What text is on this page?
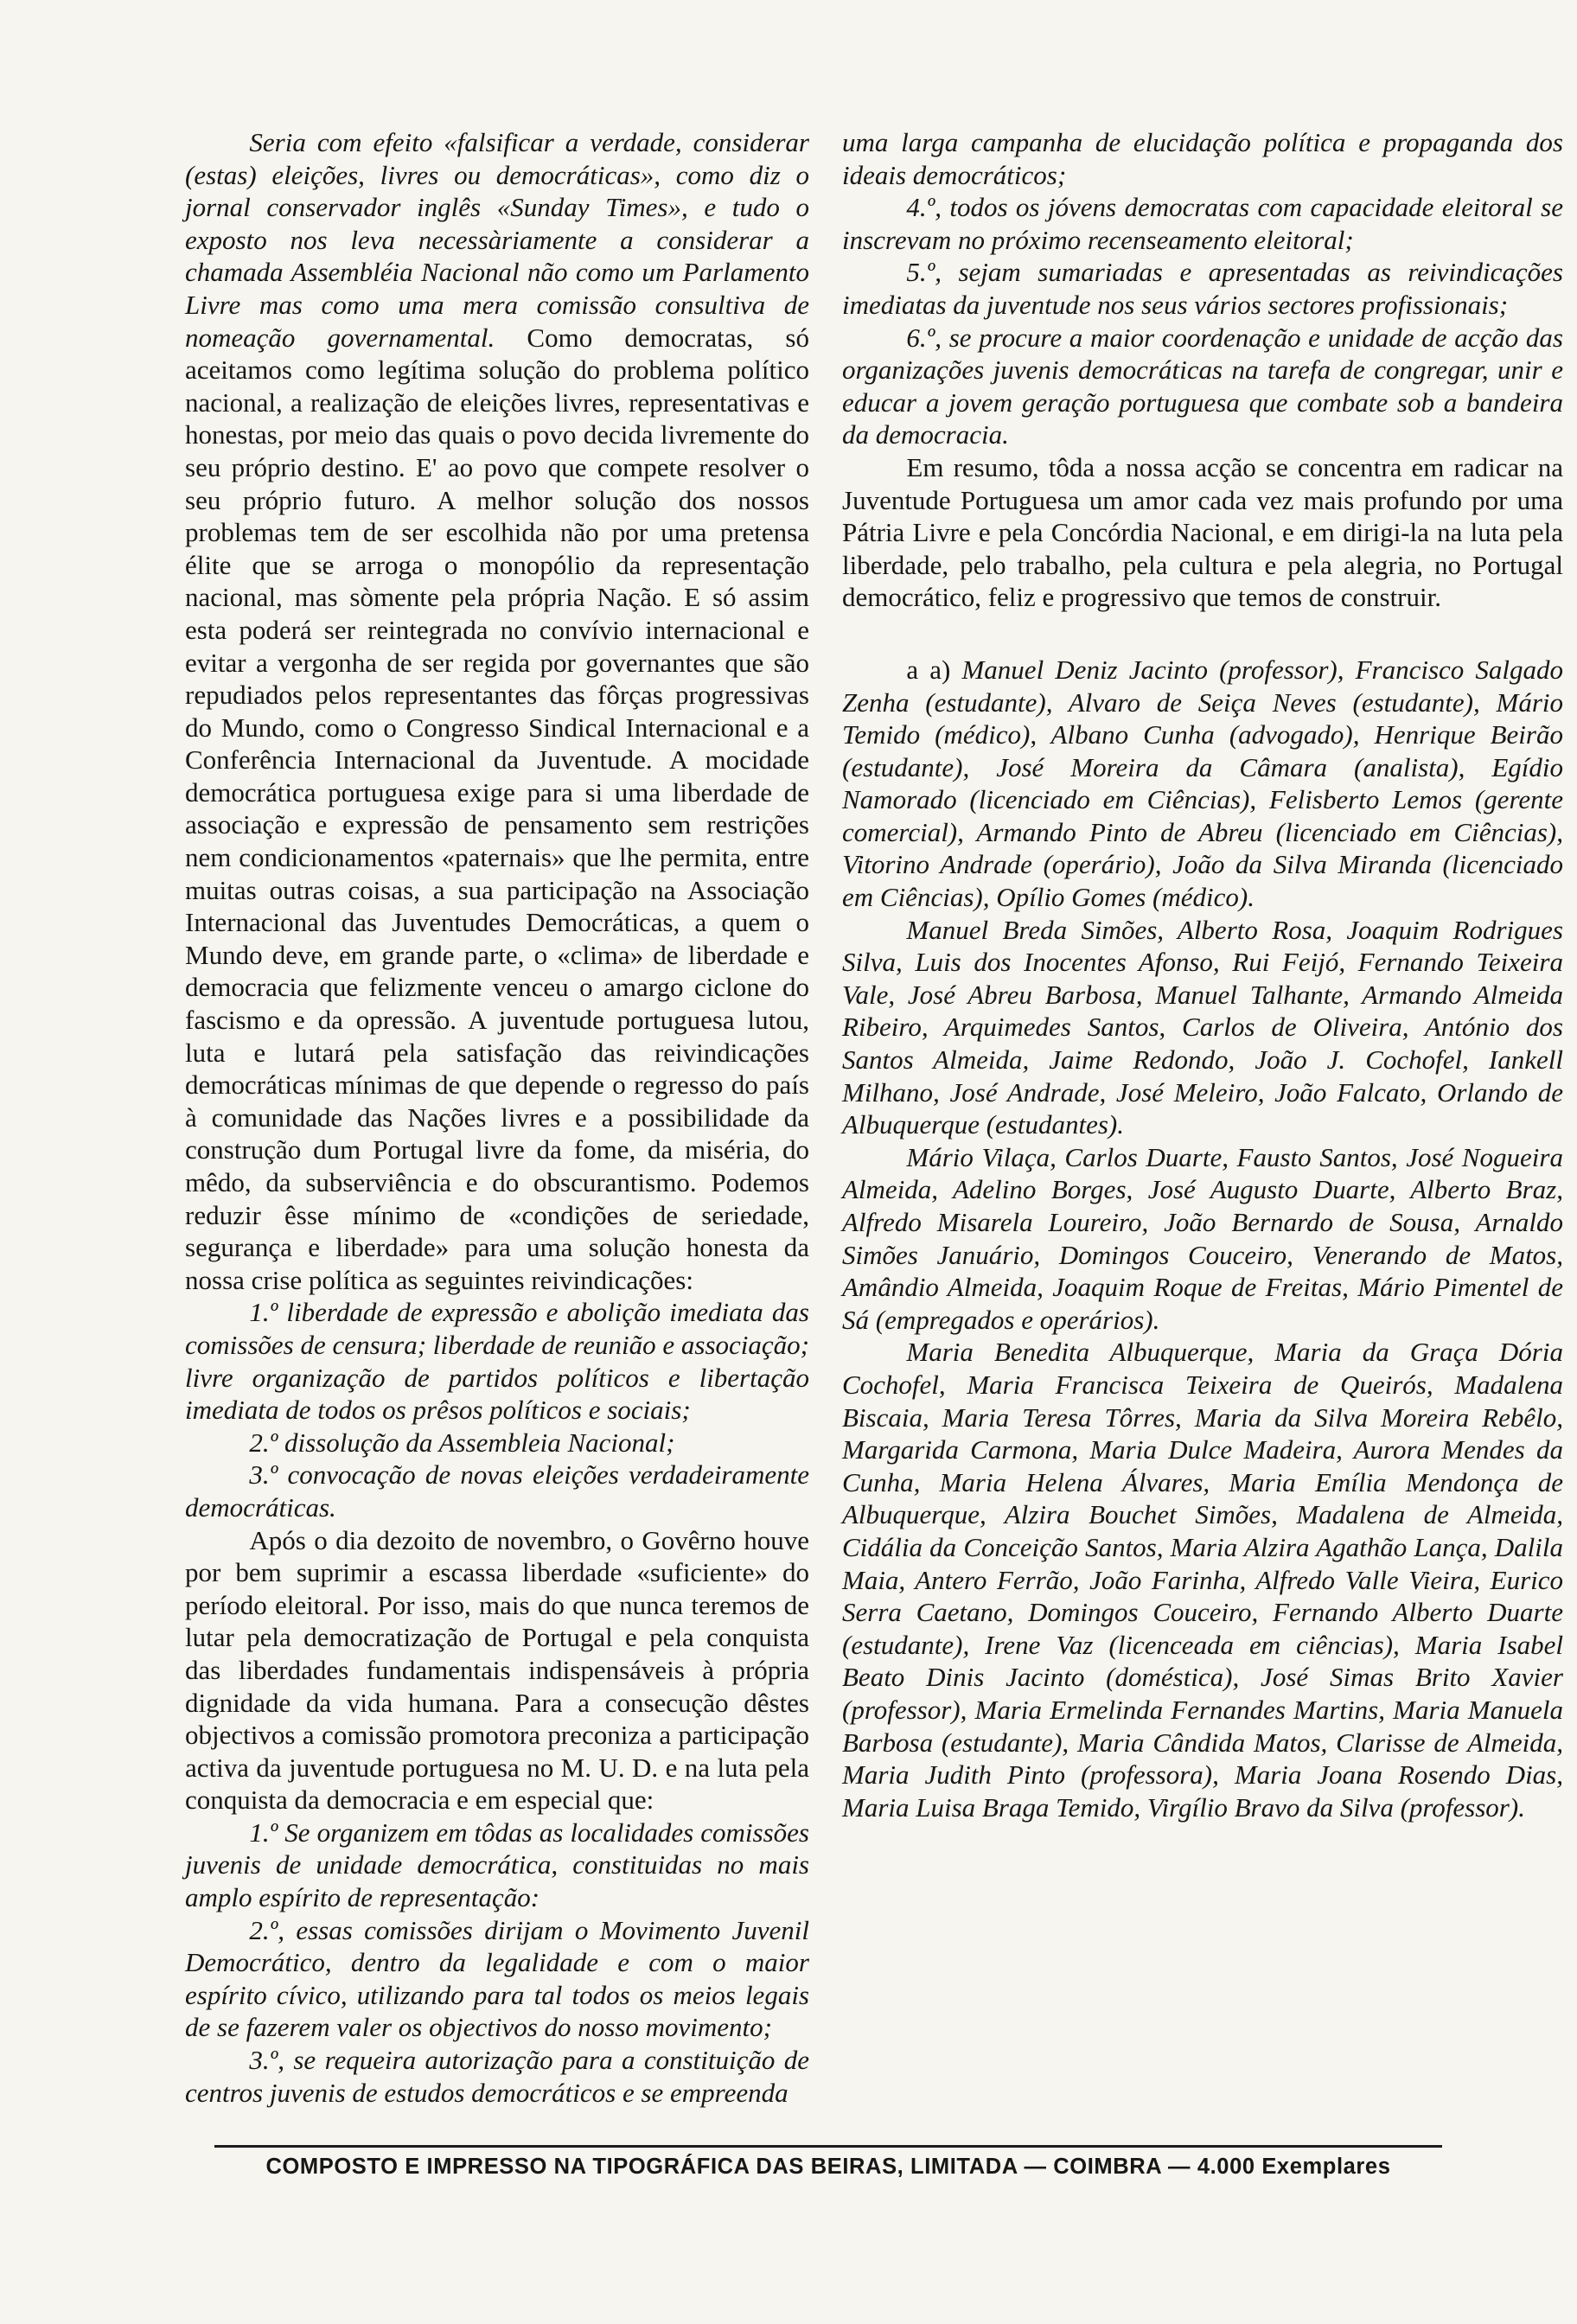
Seria com efeito «falsificar a verdade, considerar (estas) eleições, livres ou democráticas», como diz o jornal conservador inglês «Sunday Times», e tudo o exposto nos leva necessàriamente a considerar a chamada Assembléia Nacional não como um Parlamento Livre mas como uma mera comissão consultiva de nomeação governamental. Como democratas, só aceitamos como legítima solução do problema político nacional, a realização de eleições livres, representativas e honestas, por meio das quais o povo decida livremente do seu próprio destino. E' ao povo que compete resolver o seu próprio futuro. A melhor solução dos nossos problemas tem de ser escolhida não por uma pretensa élite que se arroga o monopólio da representação nacional, mas sòmente pela própria Nação. E só assim esta poderá ser reintegrada no convívio internacional e evitar a vergonha de ser regida por governantes que são repudiados pelos representantes das fôrças progressivas do Mundo, como o Congresso Sindical Internacional e a Conferência Internacional da Juventude. A mocidade democrática portuguesa exige para si uma liberdade de associação e expressão de pensamento sem restrições nem condicionamentos «paternais» que lhe permita, entre muitas outras coisas, a sua participação na Associação Internacional das Juventudes Democráticas, a quem o Mundo deve, em grande parte, o «clima» de liberdade e democracia que felizmente venceu o amargo ciclone do fascismo e da opressão. A juventude portuguesa lutou, luta e lutará pela satisfação das reivindicações democráticas mínimas de que depende o regresso do país à comunidade das Nações livres e a possibilidade da construção dum Portugal livre da fome, da miséria, do mêdo, da subserviência e do obscurantismo. Podemos reduzir êsse mínimo de «condições de seriedade, segurança e liberdade» para uma solução honesta da nossa crise política as seguintes reivindicações:

1.º liberdade de expressão e abolição imediata das comissões de censura; liberdade de reunião e associação; livre organização de partidos políticos e libertação imediata de todos os prêsos políticos e sociais;

2.º dissolução da Assembleia Nacional;

3.º convocação de novas eleições verdadeiramente democráticas.

Após o dia dezoito de novembro, o Govêrno houve por bem suprimir a escassa liberdade «suficiente» do período eleitoral. Por isso, mais do que nunca teremos de lutar pela democratização de Portugal e pela conquista das liberdades fundamentais indispensáveis à própria dignidade da vida humana. Para a consecução dêstes objectivos a comissão promotora preconiza a participação activa da juventude portuguesa no M. U. D. e na luta pela conquista da democracia e em especial que:

1.º Se organizem em tôdas as localidades comissões juvenis de unidade democrática, constituidas no mais amplo espírito de representação:

2.º, essas comissões dirijam o Movimento Juvenil Democrático, dentro da legalidade e com o maior espírito cívico, utilizando para tal todos os meios legais de se fazerem valer os objectivos do nosso movimento;

3.º, se requeira autorização para a constituição de centros juvenis de estudos democráticos e se empreenda

uma larga campanha de elucidação política e propaganda dos ideais democráticos;

4.º, todos os jóvens democratas com capacidade eleitoral se inscrevam no próximo recenseamento eleitoral;

5.º, sejam sumariadas e apresentadas as reivindicações imediatas da juventude nos seus vários sectores profissionais;

6.º, se procure a maior coordenação e unidade de acção das organizações juvenis democráticas na tarefa de congregar, unir e educar a jovem geração portuguesa que combate sob a bandeira da democracia.

Em resumo, tôda a nossa acção se concentra em radicar na Juventude Portuguesa um amor cada vez mais profundo por uma Pátria Livre e pela Concórdia Nacional, e em dirigi-la na luta pela liberdade, pelo trabalho, pela cultura e pela alegria, no Portugal democrático, feliz e progressivo que temos de construir.

a a) Manuel Deniz Jacinto (professor), Francisco Salgado Zenha (estudante), Alvaro de Seiça Neves (estudante), Mário Temido (médico), Albano Cunha (advogado), Henrique Beirão (estudante), José Moreira da Câmara (analista), Egídio Namorado (licenciado em Ciências), Felisberto Lemos (gerente comercial), Armando Pinto de Abreu (licenciado em Ciências), Vitorino Andrade (operário), João da Silva Miranda (licenciado em Ciências), Opílio Gomes (médico).

Manuel Breda Simões, Alberto Rosa, Joaquim Rodrigues Silva, Luis dos Inocentes Afonso, Rui Feijó, Fernando Teixeira Vale, José Abreu Barbosa, Manuel Talhante, Armando Almeida Ribeiro, Arquimedes Santos, Carlos de Oliveira, António dos Santos Almeida, Jaime Redondo, João J. Cochofel, Iankell Milhano, José Andrade, José Meleiro, João Falcato, Orlando de Albuquerque (estudantes).

Mário Vilaça, Carlos Duarte, Fausto Santos, José Nogueira Almeida, Adelino Borges, José Augusto Duarte, Alberto Braz, Alfredo Misarela Loureiro, João Bernardo de Sousa, Arnaldo Simões Januário, Domingos Couceiro, Venerando de Matos, Amândio Almeida, Joaquim Roque de Freitas, Mário Pimentel de Sá (empregados e operários).

Maria Benedita Albuquerque, Maria da Graça Dória Cochofel, Maria Francisca Teixeira de Queirós, Madalena Biscaia, Maria Teresa Tôrres, Maria da Silva Moreira Rebêlo, Margarida Carmona, Maria Dulce Madeira, Aurora Mendes da Cunha, Maria Helena Álvares, Maria Emília Mendonça de Albuquerque, Alzira Bouchet Simões, Madalena de Almeida, Cidália da Conceição Santos, Maria Alzira Agathão Lança, Dalila Maia, Antero Ferrão, João Farinha, Alfredo Valle Vieira, Eurico Serra Caetano, Domingos Couceiro, Fernando Alberto Duarte (estudante), Irene Vaz (licenceada em ciências), Maria Isabel Beato Dinis Jacinto (doméstica), José Simas Brito Xavier (professor), Maria Ermelinda Fernandes Martins, Maria Manuela Barbosa (estudante), Maria Cândida Matos, Clarisse de Almeida, Maria Judith Pinto (professora), Maria Joana Rosendo Dias, Maria Luisa Braga Temido, Virgílio Bravo da Silva (professor).

COMPOSTO E IMPRESSO NA TIPOGRÁFICA DAS BEIRAS, LIMITADA — COIMBRA — 4.000 Exemplares
